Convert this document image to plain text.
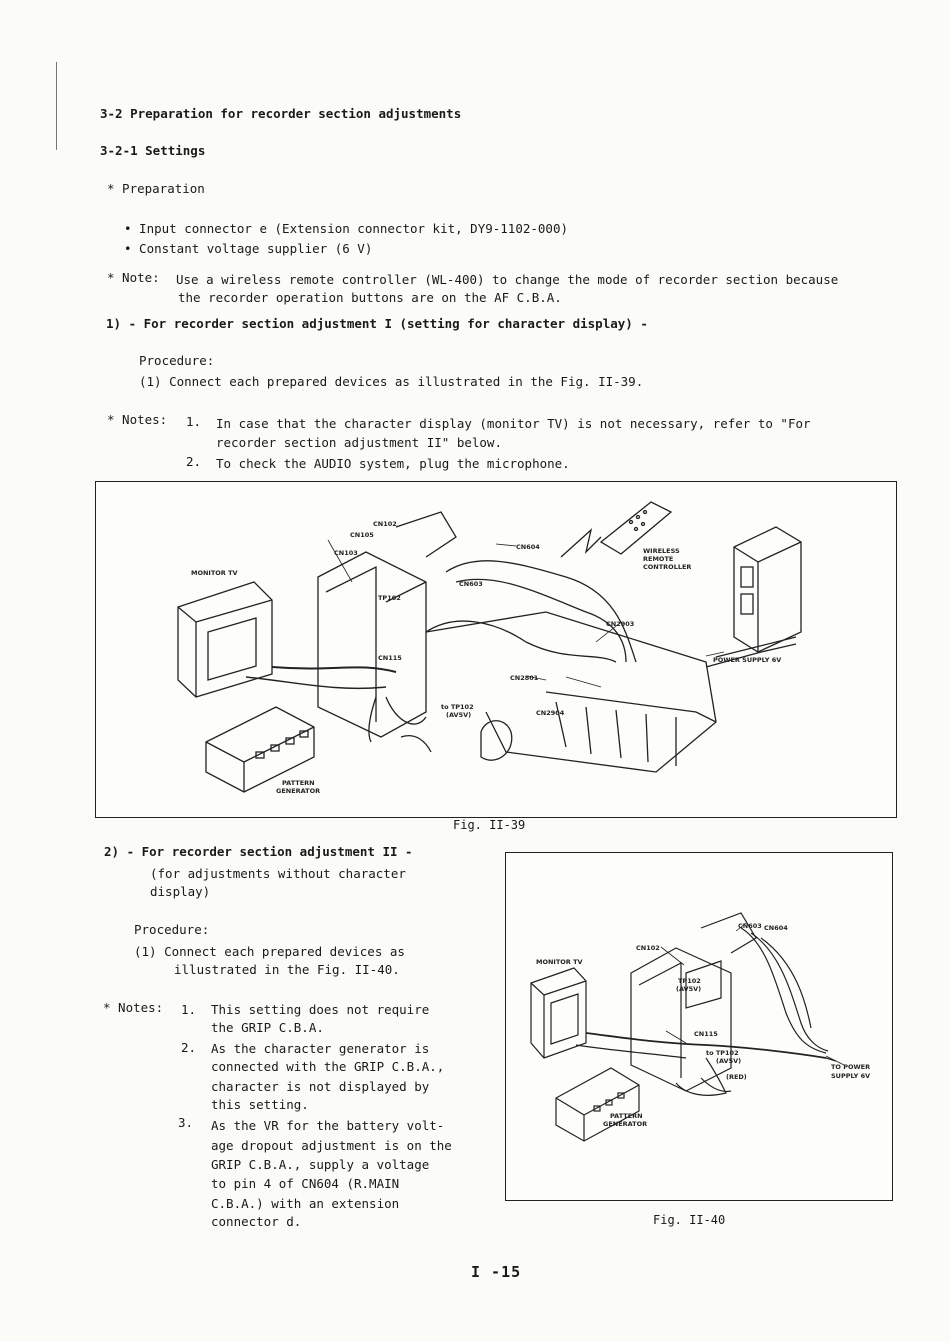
3-2 Preparation for recorder section adjustments
3-2-1 Settings
* Preparation
• Input connector e (Extension connector kit, DY9-1102-000)
• Constant voltage supplier (6 V)
* Note: Use a wireless remote controller (WL-400) to change the mode of recorder section because
the recorder operation buttons are on the AF C.B.A.
1) - For recorder section adjustment I (setting for character display) -
Procedure:
(1) Connect each prepared devices as illustrated in the Fig. II-39.
* Notes: 1. In case that the character display (monitor TV) is not necessary, refer to "For
recorder section adjustment II" below.
2. To check the AUDIO system, plug the microphone.
CN102
CN105
CN103
CN604
CN603
MONITOR TV
TP102
WIRELESS
REMOTE
CONTROLLER
CN2903
CN115
CN2801
POWER SUPPLY 6V
to TP102
(AV5V)	CN2904
PATTERN
GENERATOR
Fig. II-39
2) - For recorder section adjustment II -
(for adjustments without character
display)
Procedure:
(1) Connect each prepared devices as
illustrated in the Fig. II-40.
* Notes: 1. This setting does not require
the GRIP C.B.A.
2. As the character generator is
connected with the GRIP C.B.A.,
character is not displayed by
this setting.
3. As the VR for the battery volt-
age dropout adjustment is on the
GRIP C.B.A., supply a voltage
to pin 4 of CN604 (R.MAIN
C.B.A.) with an extension
connector d.
CN603 CN604
CN102
MONITOR TV
TP102
(AV5V)
CN115
to TP102
(AV5V)
(RED)
TO POWER
SUPPLY 6V
PATTERN
GENERATOR
Fig. II-40
I -15
